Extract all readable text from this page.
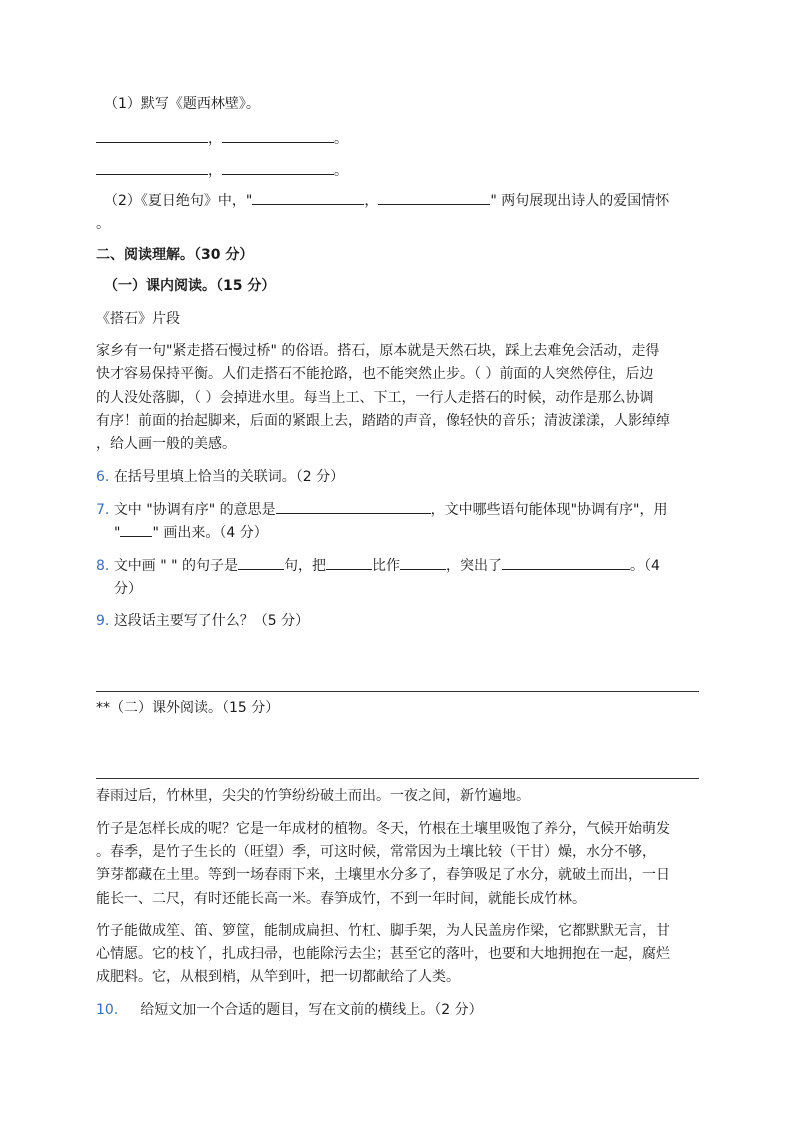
（1）默写《题西林壁》。
，	。
，	。
（2）《夏日绝句》中，"	，	" 两句展现出诗人的爱国情怀
。
二、阅读理解。（30 分）
（一）课内阅读。（15 分）
《搭石》片段
家乡有一句"紧走搭石慢过桥" 的俗语。搭石，原本就是天然石块，踩上去难免会活动，走得
快才容易保持平衡。人们走搭石不能抢路，也不能突然止步。（ ）前面的人突然停住，后边
的人没处落脚，（ ）会掉进水里。每当上工、下工，一行人走搭石的时候，动作是那么协调
有序！前面的抬起脚来，后面的紧跟上去，踏踏的声音，像轻快的音乐；清波漾漾，人影绰绰
，给人画一般的美感。
6. 在括号里填上恰当的关联词。（2 分）
7. 文中 "协调有序" 的意思是	，文中哪些语句能体现"协调有序"，用
" " 画出来。（4 分）
8. 文中画 " " 的句子是	句，把	比作	，突出了	。（4
分）
9. 这段话主要写了什么？（5 分）
**（二）课外阅读。（15 分）
春雨过后，竹林里，尖尖的竹笋纷纷破土而出。一夜之间，新竹遍地。
竹子是怎样长成的呢？它是一年成材的植物。冬天，竹根在土壤里吸饱了养分，气候开始萌发
。春季，是竹子生长的（旺望）季，可这时候，常常因为土壤比较（干甘）燥，水分不够，
笋芽都藏在土里。等到一场春雨下来，土壤里水分多了，春笋吸足了水分，就破土而出，一日
能长一、二尺，有时还能长高一米。春笋成竹，不到一年时间，就能长成竹林。
竹子能做成笙、笛、箩筐，能制成扁担、竹杠、脚手架，为人民盖房作梁，它都默默无言，甘
心情愿。它的枝丫，扎成扫帚，也能除污去尘；甚至它的落叶，也要和大地拥抱在一起，腐烂
成肥料。它，从根到梢，从竿到叶，把一切都献给了人类。
10. 给短文加一个合适的题目，写在文前的横线上。（2 分）
